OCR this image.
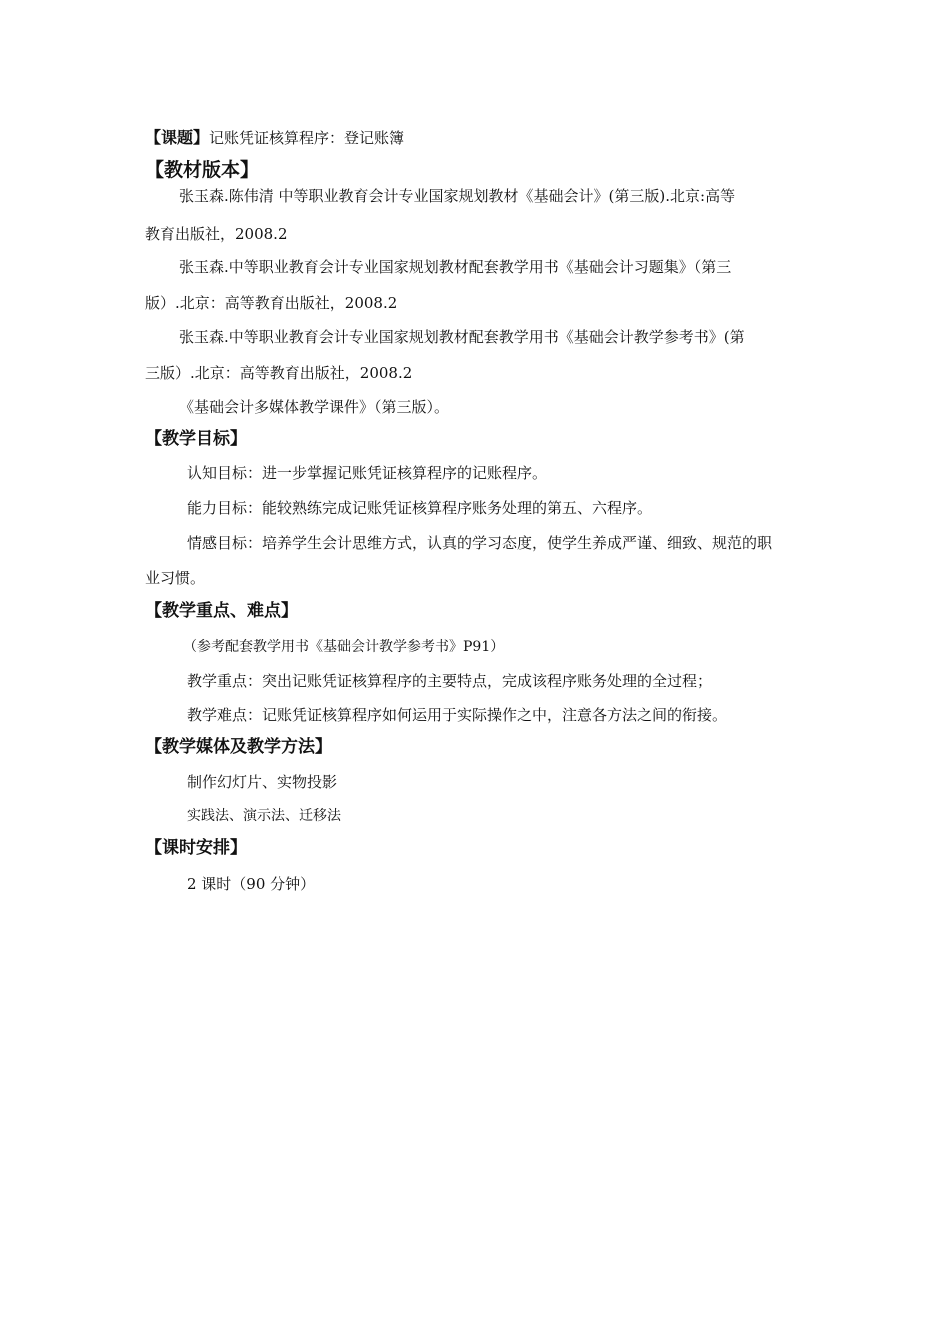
【课题】记账凭证核算程序：登记账簿
【教材版本】
张玉森.陈伟清 中等职业教育会计专业国家规划教材《基础会计》(第三版).北京:高等
教育出版社，2008.2
张玉森.中等职业教育会计专业国家规划教材配套教学用书《基础会计习题集》（第三
版）.北京：高等教育出版社，2008.2
张玉森.中等职业教育会计专业国家规划教材配套教学用书《基础会计教学参考书》(第
三版）.北京：高等教育出版社，2008.2
《基础会计多媒体教学课件》（第三版）。
【教学目标】
认知目标：进一步掌握记账凭证核算程序的记账程序。
能力目标：能较熟练完成记账凭证核算程序账务处理的第五、六程序。
情感目标：培养学生会计思维方式，认真的学习态度，使学生养成严谨、细致、规范的职
业习惯。
【教学重点、难点】
（参考配套教学用书《基础会计教学参考书》P91）
教学重点：突出记账凭证核算程序的主要特点，完成该程序账务处理的全过程；
教学难点：记账凭证核算程序如何运用于实际操作之中，注意各方法之间的衔接。
【教学媒体及教学方法】
制作幻灯片、实物投影
实践法、演示法、迁移法
【课时安排】
2 课时（90 分钟）
